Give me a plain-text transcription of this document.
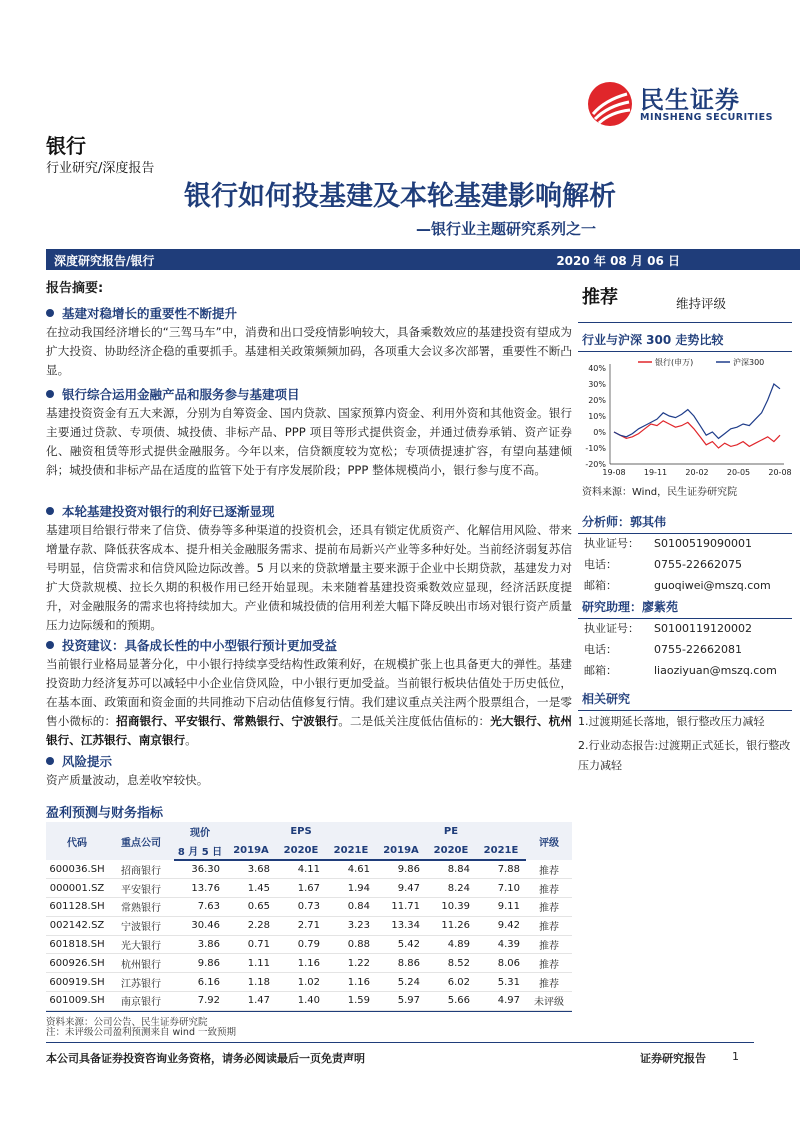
民生证券
MINSHENG SECURITIES
银行
行业研究/深度报告
银行如何投基建及本轮基建影响解析
—银行业主题研究系列之一
深度研究报告/银行	2020 年 08 月 06 日
报告摘要:
基建对稳增长的重要性不断提升
在拉动我国经济增长的“三驾马车”中，消费和出口受疫情影响较大，具备乘数效应的基建投资有望成为扩大投资、协助经济企稳的重要抓手。基建相关政策频频加码，各项重大会议多次部署，重要性不断凸显。
银行综合运用金融产品和服务参与基建项目
基建投资资金有五大来源，分别为自筹资金、国内贷款、国家预算内资金、利用外资和其他资金。银行主要通过贷款、专项债、城投债、非标产品、PPP 项目等形式提供资金，并通过债券承销、资产证券化、融资租赁等形式提供金融服务。今年以来，信贷额度较为宽松；专项债提速扩容，有望向基建倾斜；城投债和非标产品在适度的监管下处于有序发展阶段；PPP 整体规模尚小，银行参与度不高。
本轮基建投资对银行的利好已逐渐显现
基建项目给银行带来了信贷、债券等多种渠道的投资机会，还具有锁定优质资产、化解信用风险、带来增量存款、降低获客成本、提升相关金融服务需求、提前布局新兴产业等多种好处。当前经济弱复苏信号明显，信贷需求和信贷风险边际改善。5 月以来的贷款增量主要来源于企业中长期贷款，基建发力对扩大贷款规模、拉长久期的积极作用已经开始显现。未来随着基建投资乘数效应显现，经济活跃度提升，对金融服务的需求也将持续加大。产业债和城投债的信用利差大幅下降反映出市场对银行资产质量压力边际缓和的预期。
投资建议：具备成长性的中小型银行预计更加受益
当前银行业格局显著分化，中小银行持续享受结构性政策利好，在规模扩张上也具备更大的弹性。基建投资助力经济复苏可以减轻中小企业信贷风险，中小银行更加受益。当前银行板块估值处于历史低位，在基本面、政策面和资金面的共同推动下启动估值修复行情。我们建议重点关注两个股票组合，一是零售小微标的：招商银行、平安银行、常熟银行、宁波银行。二是低关注度低估值标的：光大银行、杭州银行、江苏银行、南京银行。
风险提示
资产质量波动，息差收窄较快。
盈利预测与财务指标
代码	重点公司	现价	EPS			PE			评级
		8 月 5 日	2019A	2020E	2021E	2019A	2020E	2021E	
600036.SH	招商银行	36.30	3.68	4.11	4.61	9.86	8.84	7.88	推荐
000001.SZ	平安银行	13.76	1.45	1.67	1.94	9.47	8.24	7.10	推荐
601128.SH	常熟银行	7.63	0.65	0.73	0.84	11.71	10.39	9.11	推荐
002142.SZ	宁波银行	30.46	2.28	2.71	3.23	13.34	11.26	9.42	推荐
601818.SH	光大银行	3.86	0.71	0.79	0.88	5.42	4.89	4.39	推荐
600926.SH	杭州银行	9.86	1.11	1.16	1.22	8.86	8.52	8.06	推荐
600919.SH	江苏银行	6.16	1.18	1.02	1.16	5.24	6.02	5.31	推荐
601009.SH	南京银行	7.92	1.47	1.40	1.59	5.97	5.66	4.97	未评级
资料来源：公司公告、民生证券研究院
注：未评级公司盈利预测来自 wind 一致预期
推荐	维持评级
行业与沪深 300 走势比较
40%
30%
20%
10%
0%
-10%
-20%
19-08 19-11 20-02 20-05 20-08
银行(申万)	沪深300
资料来源：Wind，民生证券研究院
分析师：郭其伟
执业证号： S0100519090001
电话：	0755-22662075
邮箱：	guoqiwei@mszq.com
研究助理：廖紫苑
执业证号： S0100119120002
电话：	0755-22662081
邮箱：	liaoziyuan@mszq.com
相关研究
1.过渡期延长落地，银行整改压力减轻
2.行业动态报告:过渡期正式延长，银行整改压力减轻
本公司具备证券投资咨询业务资格，请务必阅读最后一页免责声明	证券研究报告 1
